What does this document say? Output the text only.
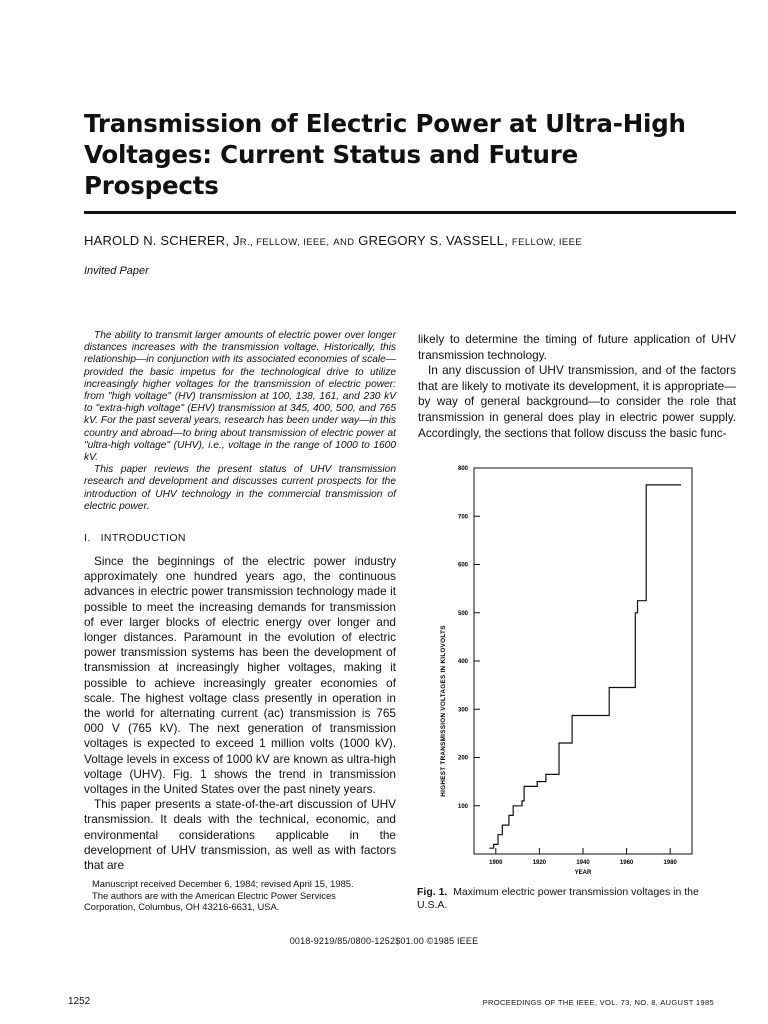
Transmission of Electric Power at Ultra-High Voltages: Current Status and Future Prospects
HAROLD N. SCHERER, JR., FELLOW, IEEE, AND GREGORY S. VASSELL, FELLOW, IEEE
Invited Paper

The ability to transmit larger amounts of electric power over longer distances increases with the transmission voltage. Historically, this relationship—in conjunction with its associated economies of scale—provided the basic impetus for the technological drive to utilize increasingly higher voltages for the transmission of electric power: from "high voltage" (HV) transmission at 100, 138, 161, and 230 kV to "extra-high voltage" (EHV) transmission at 345, 400, 500, and 765 kV. For the past several years, research has been under way—in this country and abroad—to bring about transmission of electric power at "ultra-high voltage" (UHV), i.e., voltage in the range of 1000 to 1600 kV.

This paper reviews the present status of UHV transmission research and development and discusses current prospects for the introduction of UHV technology in the commercial transmission of electric power.

I. INTRODUCTION

Since the beginnings of the electric power industry approximately one hundred years ago, the continuous advances in electric power transmission technology made it possible to meet the increasing demands for transmission of ever larger blocks of electric energy over longer and longer distances. Paramount in the evolution of electric power transmission systems has been the development of transmission at increasingly higher voltages, making it possible to achieve increasingly greater economies of scale. The highest voltage class presently in operation in the world for alternating current (ac) transmission is 765 000 V (765 kV). The next generation of transmission voltages is expected to exceed 1 million volts (1000 kV). Voltage levels in excess of 1000 kV are known as ultra-high voltage (UHV). Fig. 1 shows the trend in transmission voltages in the United States over the past ninety years.

This paper presents a state-of-the-art discussion of UHV transmission. It deals with the technical, economic, and environmental considerations applicable in the development of UHV transmission, as well as with factors that are

likely to determine the timing of future application of UHV transmission technology.

In any discussion of UHV transmission, and of the factors that are likely to motivate its development, it is appropriate—by way of general background—to consider the role that transmission in general does play in electric power supply. Accordingly, the sections that follow discuss the basic func-

100
200
300
400
500
600
700
800
1900	1920	1940	1960	1980
HIGHEST TRANSMISSION VOLTAGES IN KILOVOLTS
YEAR

Manuscript received December 6, 1984; revised April 15, 1985.

The authors are with the American Electric Power Services Corporation, Columbus, OH 43216-6631, USA.

Fig. 1. Maximum electric power transmission voltages in the U.S.A.
0018-9219/85/0800-1252$01.00 ©1985 IEEE
1252	PROCEEDINGS OF THE IEEE, VOL. 73, NO. 8, AUGUST 1985
